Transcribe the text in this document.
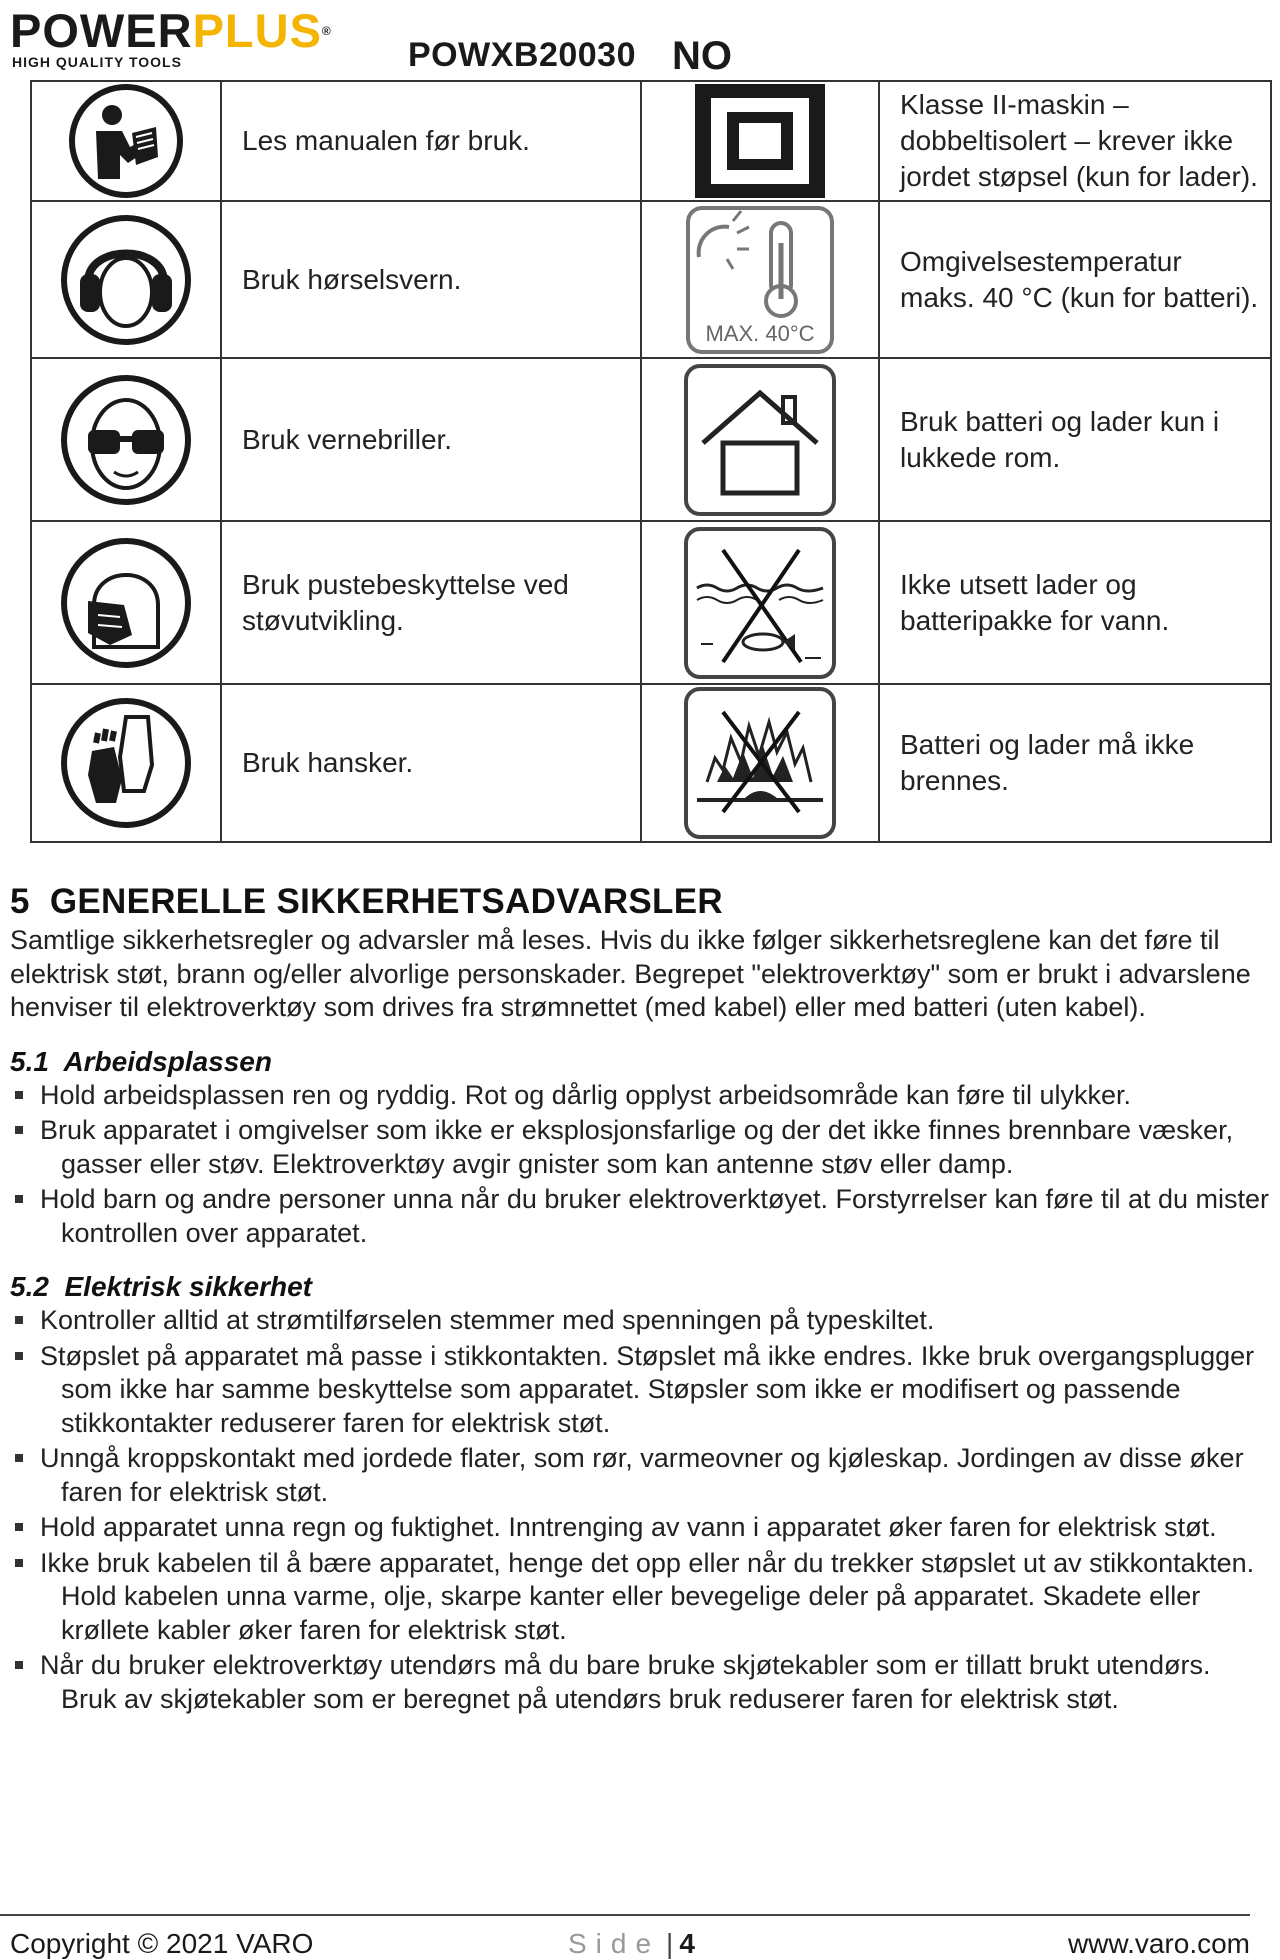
POWERPLUS®
HIGH QUALITY TOOLS	POWXB20030 NO
	Les manualen før bruk.		Klasse II-maskin – dobbeltisolert – krever ikke jordet støpsel (kun for lader).

	Bruk hørselsvern.	MAX. 40°C	Omgivelsestemperatur maks. 40 °C (kun for batteri).

	Bruk vernebriller.		Bruk batteri og lader kun i lukkede rom.

	Bruk pustebeskyttelse ved støvutvikling.		Ikke utsett lader og batteripakke for vann.

	Bruk hansker.		Batteri og lader må ikke brennes.
5 GENERELLE SIKKERHETSADVARSLER

Samtlige sikkerhetsregler og advarsler må leses. Hvis du ikke følger sikkerhetsreglene kan det føre til elektrisk støt, brann og/eller alvorlige personskader. Begrepet "elektroverktøy" som er brukt i advarslene henviser til elektroverktøy som drives fra strømnettet (med kabel) eller med batteri (uten kabel).

5.1  Arbeidsplassen
Hold arbeidsplassen ren og ryddig. Rot og dårlig opplyst arbeidsområde kan føre til ulykker.
Bruk apparatet i omgivelser som ikke er eksplosjonsfarlige og der det ikke finnes brennbare væsker, gasser eller støv. Elektroverktøy avgir gnister som kan antenne støv eller damp.
Hold barn og andre personer unna når du bruker elektroverktøyet. Forstyrrelser kan føre til at du mister kontrollen over apparatet.
5.2  Elektrisk sikkerhet
Kontroller alltid at strømtilførselen stemmer med spenningen på typeskiltet.
Støpslet på apparatet må passe i stikkontakten. Støpslet må ikke endres. Ikke bruk overgangsplugger som ikke har samme beskyttelse som apparatet. Støpsler som ikke er modifisert og passende stikkontakter reduserer faren for elektrisk støt.
Unngå kroppskontakt med jordede flater, som rør, varmeovner og kjøleskap. Jordingen av disse øker faren for elektrisk støt.
Hold apparatet unna regn og fuktighet. Inntrenging av vann i apparatet øker faren for elektrisk støt.
Ikke bruk kabelen til å bære apparatet, henge det opp eller når du trekker støpslet ut av stikkontakten. Hold kabelen unna varme, olje, skarpe kanter eller bevegelige deler på apparatet. Skadete eller krøllete kabler øker faren for elektrisk støt.
Når du bruker elektroverktøy utendørs må du bare bruke skjøtekabler som er tillatt brukt utendørs. Bruk av skjøtekabler som er beregnet på utendørs bruk reduserer faren for elektrisk støt.
Copyright © 2021 VARO	Side | 4	www.varo.com
